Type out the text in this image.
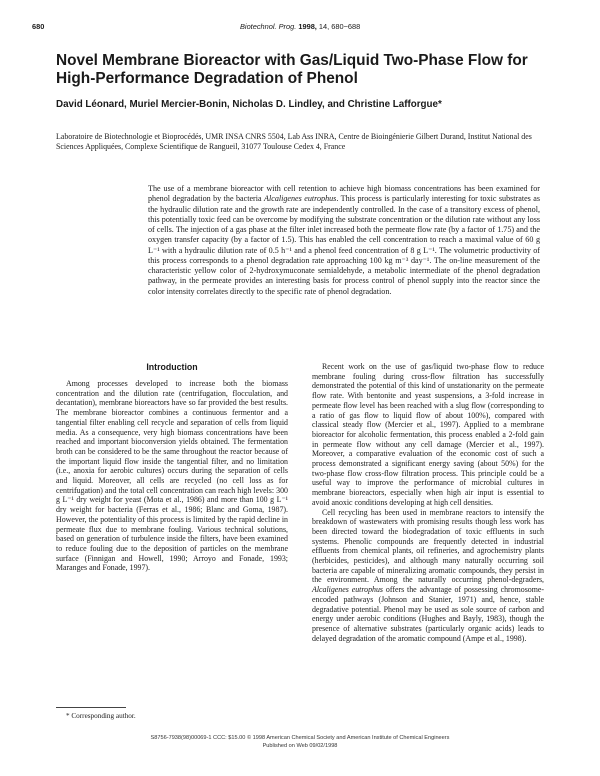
680	Biotechnol. Prog. 1998, 14, 680−688
Novel Membrane Bioreactor with Gas/Liquid Two-Phase Flow for High-Performance Degradation of Phenol

David Léonard, Muriel Mercier-Bonin, Nicholas D. Lindley, and Christine Lafforgue*

Laboratoire de Biotechnologie et Bioprocédés, UMR INSA CNRS 5504, Lab Ass INRA, Centre de Bioingénierie Gilbert Durand, Institut National des Sciences Appliquées, Complexe Scientifique de Rangueil, 31077 Toulouse Cedex 4, France

The use of a membrane bioreactor with cell retention to achieve high biomass concentrations has been examined for phenol degradation by the bacteria Alcaligenes eutrophus. This process is particularly interesting for toxic substrates as the hydraulic dilution rate and the growth rate are independently controlled. In the case of a transitory excess of phenol, this potentially toxic feed can be overcome by modifying the substrate concentration or the dilution rate without any loss of cells. The injection of a gas phase at the filter inlet increased both the permeate flow rate (by a factor of 1.75) and the oxygen transfer capacity (by a factor of 1.5). This has enabled the cell concentration to reach a maximal value of 60 g L⁻¹ with a hydraulic dilution rate of 0.5 h⁻¹ and a phenol feed concentration of 8 g L⁻¹. The volumetric productivity of this process corresponds to a phenol degradation rate approaching 100 kg m⁻³ day⁻¹. The on-line measurement of the characteristic yellow color of 2-hydroxymuconate semialdehyde, a metabolic intermediate of the phenol degradation pathway, in the permeate provides an interesting basis for process control of phenol supply into the reactor since the color intensity correlates directly to the specific rate of phenol degradation.

Introduction

Among processes developed to increase both the biomass concentration and the dilution rate (centrifugation, flocculation, and decantation), membrane bioreactors have so far provided the best results. The membrane bioreactor combines a continuous fermentor and a tangential filter enabling cell recycle and separation of cells from liquid media. As a consequence, very high biomass concentrations have been reached and important bioconversion yields obtained. The fermentation broth can be considered to be the same throughout the reactor because of the important liquid flow inside the tangential filter, and no limitation (i.e., anoxia for aerobic cultures) occurs during the separation of cells and liquid. Moreover, all cells are recycled (no cell loss as for centrifugation) and the total cell concentration can reach high levels: 300 g L⁻¹ dry weight for yeast (Mota et al., 1986) and more than 100 g L⁻¹ dry weight for bacteria (Ferras et al., 1986; Blanc and Goma, 1987). However, the potentiality of this process is limited by the rapid decline in permeate flux due to membrane fouling. Various technical solutions, based on generation of turbulence inside the filters, have been examined to reduce fouling due to the deposition of particles on the membrane surface (Finnigan and Howell, 1990; Arroyo and Fonade, 1993; Maranges and Fonade, 1997).

Recent work on the use of gas/liquid two-phase flow to reduce membrane fouling during cross-flow filtration has successfully demonstrated the potential of this kind of unstationarity on the permeate flow rate. With bentonite and yeast suspensions, a 3-fold increase in permeate flow level has been reached with a slug flow (corresponding to a ratio of gas flow to liquid flow of about 100%), compared with classical steady flow (Mercier et al., 1997). Applied to a membrane bioreactor for alcoholic fermentation, this process enabled a 2-fold gain in permeate flow without any cell damage (Mercier et al., 1997). Moreover, a comparative evaluation of the economic cost of such a process demonstrated a significant energy saving (about 50%) for the two-phase flow cross-flow filtration process. This principle could be a useful way to improve the performance of microbial cultures in membrane bioreactors, especially when high air input is essential to avoid anoxic conditions developing at high cell densities.

Cell recycling has been used in membrane reactors to intensify the breakdown of wastewaters with promising results though less work has been directed toward the biodegradation of toxic effluents in such systems. Phenolic compounds are frequently detected in industrial effluents from chemical plants, oil refineries, and agrochemistry plants (herbicides, pesticides), and although many naturally occurring soil bacteria are capable of mineralizing aromatic compounds, they persist in the environment. Among the naturally occurring phenol-degraders, Alcaligenes eutrophus offers the advantage of possessing chromosome-encoded pathways (Johnson and Stanier, 1971) and, hence, stable degradative potential. Phenol may be used as sole source of carbon and energy under aerobic conditions (Hughes and Bayly, 1983), though the presence of alternative substrates (particularly organic acids) leads to delayed degradation of the aromatic compound (Ampe et al., 1998).

* Corresponding author.

S8756-7938(98)00069-1 CCC: $15.00 © 1998 American Chemical Society and American Institute of Chemical Engineers

Published on Web 09/02/1998
